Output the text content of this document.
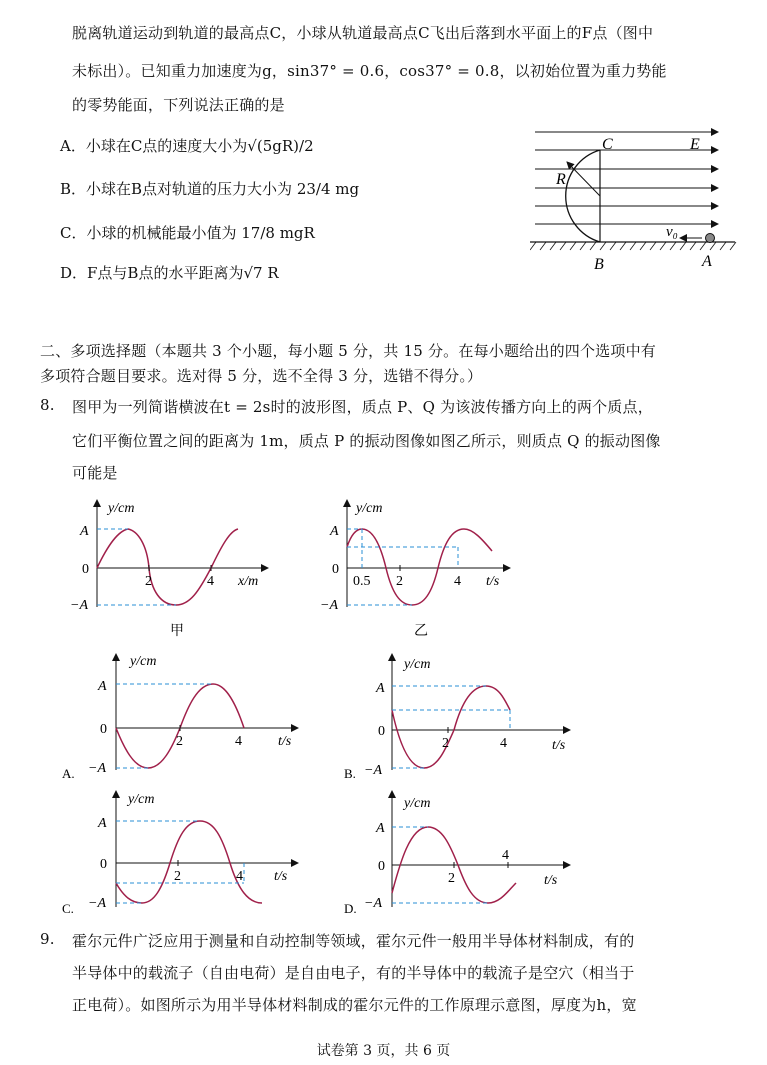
脱离轨道运动到轨道的最高点C，小球从轨道最高点C飞出后落到水平面上的F点（图中
未标出）。已知重力加速度为g，sin37° = 0.6，cos37° = 0.8，以初始位置为重力势能
的零势能面，下列说法正确的是
A．小球在C点的速度大小为√(5gR)/2
B．小球在B点对轨道的压力大小为 23/4 mg
C．小球的机械能最小值为 17/8 mgR
D．F点与B点的水平距离为√7 R
C	E
R
v₀
B	A
二、多项选择题（本题共 3 个小题，每小题 5 分，共 15 分。在每小题给出的四个选项中有
多项符合题目要求。选对得 5 分，选不全得 3 分，选错不得分。）
8. 图甲为一列简谐横波在t = 2s时的波形图，质点 P、Q 为该波传播方向上的两个质点，
它们平衡位置之间的距离为 1m，质点 P 的振动图像如图乙所示，则质点 Q 的振动图像
可能是
y/cm
A
0
−A
2	4 x/m
甲
y/cm
A
0
−A
0.5 2	4 t/s
乙
y/cm
A
0
−A
2	4	t/s
A.
y/cm
A
0
−A
2	4	t/s
B.
y/cm
A
0
−A
2	4 t/s
C.
y/cm
A
0
−A
2
4
t/s
D.
9. 霍尔元件广泛应用于测量和自动控制等领域，霍尔元件一般用半导体材料制成，有的
半导体中的载流子（自由电荷）是自由电子，有的半导体中的载流子是空穴（相当于
正电荷）。如图所示为用半导体材料制成的霍尔元件的工作原理示意图，厚度为h，宽
试卷第 3 页，共 6 页
